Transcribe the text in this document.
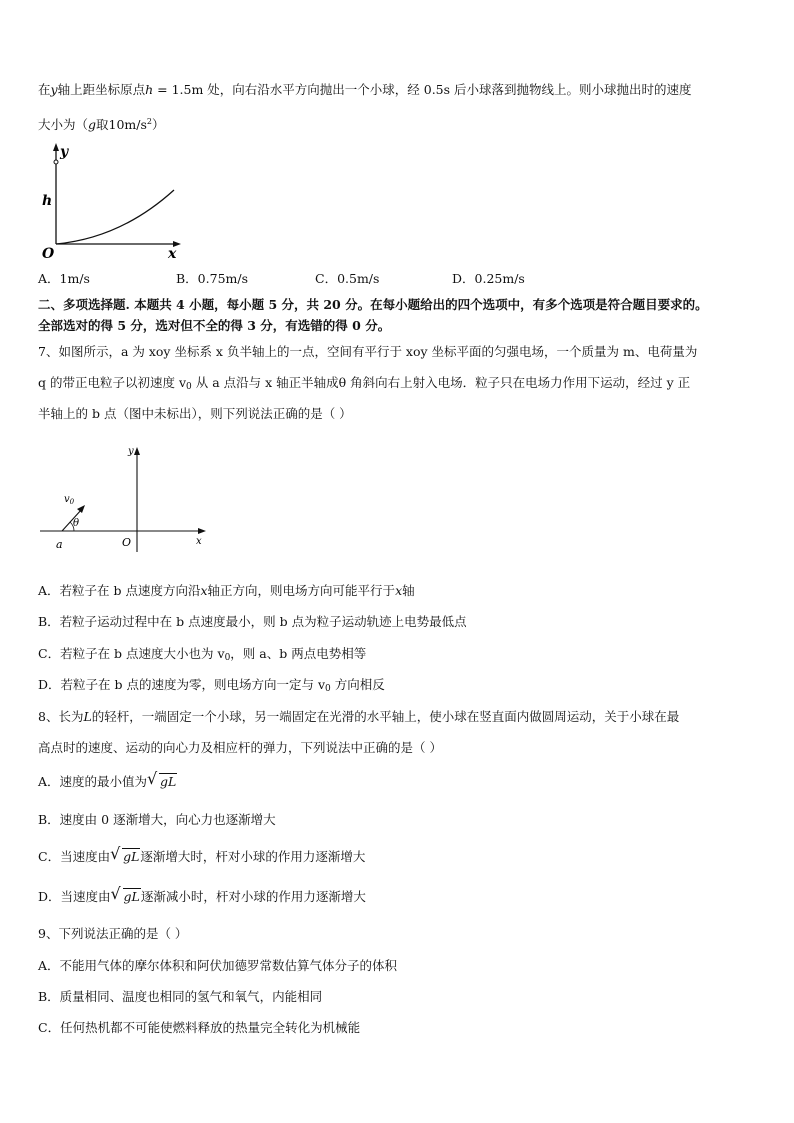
在y轴上距坐标原点h = 1.5m 处，向右沿水平方向抛出一个小球，经 0.5s 后小球落到抛物线上。则小球抛出时的速度
大小为（g取$10m/s^2$）
y
h
O	x
A．1m/s	B．0.75m/s	C．0.5m/s	D．0.25m/s
二、多项选择题. 本题共 4 小题，每小题 5 分，共 20 分。在每小题给出的四个选项中，有多个选项是符合题目要求的。
全部选对的得 5 分，选对但不全的得 3 分，有选错的得 0 分。
7、如图所示，a 为 xoy 坐标系 x 负半轴上的一点，空间有平行于 xoy 坐标平面的匀强电场，一个质量为 m、电荷量为
q 的带正电粒子以初速度 $v_0$ 从 a 点沿与 x 轴正半轴成θ 角斜向右上射入电场．粒子只在电场力作用下运动，经过 y 正
半轴上的 b 点（图中未标出），则下列说法正确的是（ ）
y
$v_0$
θ
a	O	x
A．若粒子在 b 点速度方向沿x轴正方向，则电场方向可能平行于x轴
B．若粒子运动过程中在 b 点速度最小，则 b 点为粒子运动轨迹上电势最低点
C．若粒子在 b 点速度大小也为 $v_0$，则 a、b 两点电势相等
D．若粒子在 b 点的速度为零，则电场方向一定与 $v_0$ 方向相反
8、长为L的轻杆，一端固定一个小球，另一端固定在光滑的水平轴上，使小球在竖直面内做圆周运动，关于小球在最
高点时的速度、运动的向心力及相应杆的弹力，下列说法中正确的是（ ）
A．速度的最小值为 √ gL
B．速度由 0 逐渐增大，向心力也逐渐增大
C．当速度由 √ gL逐渐增大时，杆对小球的作用力逐渐增大
D．当速度由 √ gL逐渐减小时，杆对小球的作用力逐渐增大
9、下列说法正确的是（ ）
A．不能用气体的摩尔体积和阿伏加德罗常数估算气体分子的体积
B．质量相同、温度也相同的氢气和氧气，内能相同
C．任何热机都不可能使燃料释放的热量完全转化为机械能
